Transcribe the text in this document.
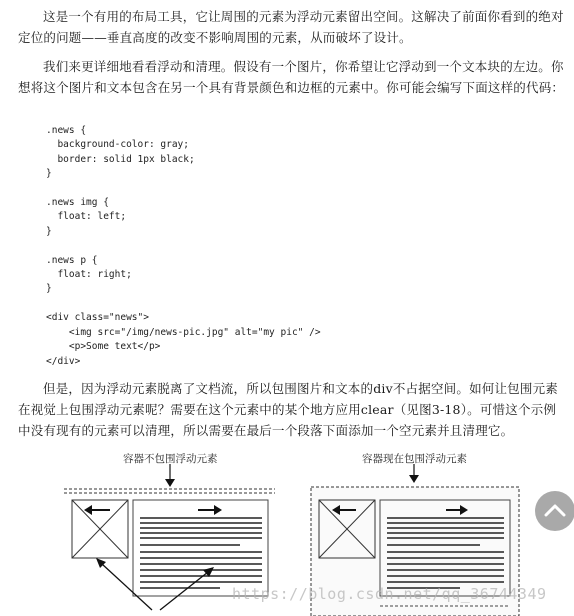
这是一个有用的布局工具，它让周围的元素为浮动元素留出空间。这解决了前面你看到的绝对定位的问题——垂直高度的改变不影响周围的元素，从而破坏了设计。

我们来更详细地看看浮动和清理。假设有一个图片，你希望让它浮动到一个文本块的左边。你想将这个图片和文本包含在另一个具有背景颜色和边框的元素中。你可能会编写下面这样的代码：

.news {
background-color: gray;
border: solid 1px black;
}

.news img {
float: left;
}

.news p {
float: right;
}

<div class="news">
<img src="/img/news-pic.jpg" alt="my pic" />
<p>Some text</p>
</div>

但是，因为浮动元素脱离了文档流，所以包围图片和文本的div不占据空间。如何让包围元素在视觉上包围浮动元素呢？需要在这个元素中的某个地方应用clear（见图3-18）。可惜这个示例中没有现有的元素可以清理，所以需要在最后一个段落下面添加一个空元素并且清理它。

容器不包围浮动元素	容器现在包围浮动元素
https://blog.csdn.net/qq_36744349
